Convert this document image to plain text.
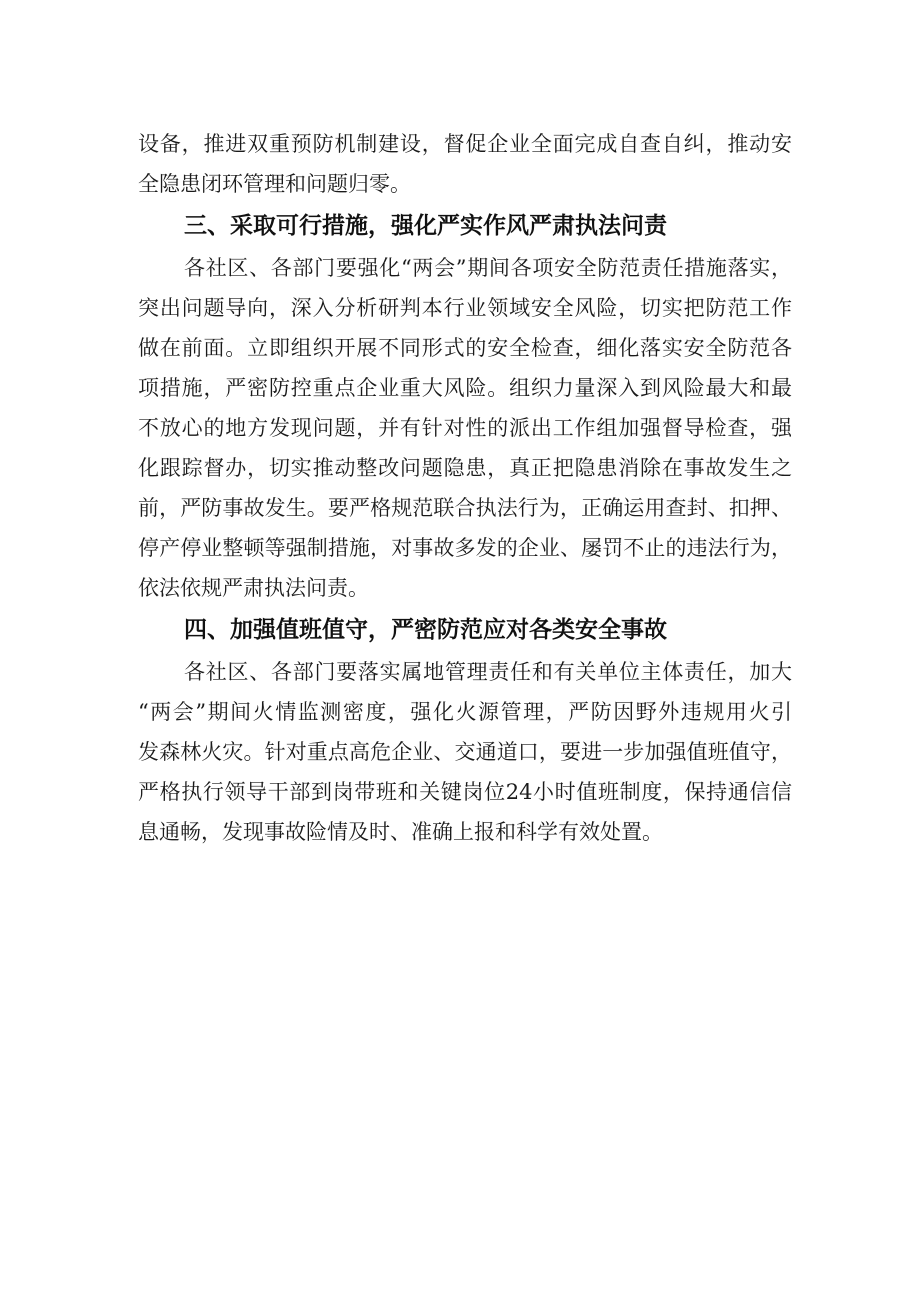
设备，推进双重预防机制建设，督促企业全面完成自查自纠，推动安
全隐患闭环管理和问题归零。
三、采取可行措施，强化严实作风严肃执法问责
各社区、各部门要强化“两会”期间各项安全防范责任措施落实，
突出问题导向，深入分析研判本行业领域安全风险，切实把防范工作
做在前面。立即组织开展不同形式的安全检查，细化落实安全防范各
项措施，严密防控重点企业重大风险。组织力量深入到风险最大和最
不放心的地方发现问题，并有针对性的派出工作组加强督导检查，强
化跟踪督办，切实推动整改问题隐患，真正把隐患消除在事故发生之
前，严防事故发生。要严格规范联合执法行为，正确运用查封、扣押、
停产停业整顿等强制措施，对事故多发的企业、屡罚不止的违法行为，
依法依规严肃执法问责。
四、加强值班值守，严密防范应对各类安全事故
各社区、各部门要落实属地管理责任和有关单位主体责任，加大
“两会”期间火情监测密度，强化火源管理，严防因野外违规用火引
发森林火灾。针对重点高危企业、交通道口，要进一步加强值班值守，
严格执行领导干部到岗带班和关键岗位24小时值班制度，保持通信信
息通畅，发现事故险情及时、准确上报和科学有效处置。
